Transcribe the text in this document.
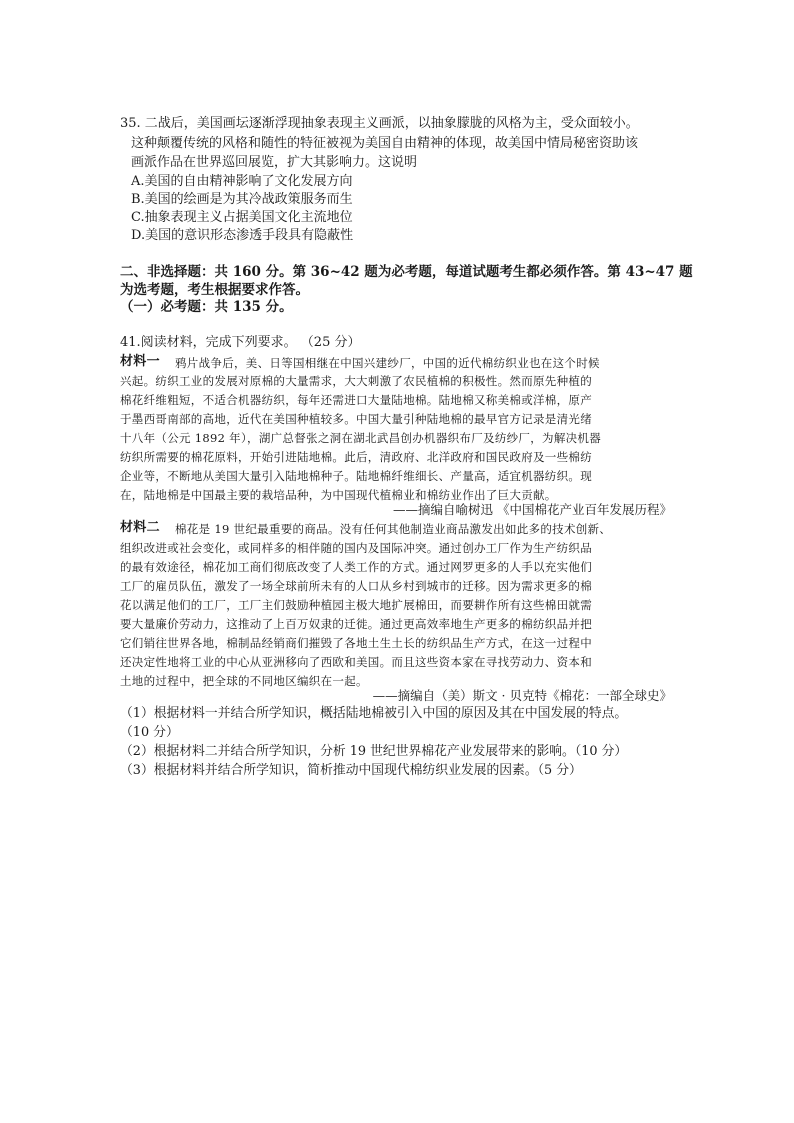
35. 二战后，美国画坛逐渐浮现抽象表现主义画派，以抽象朦胧的风格为主，受众面较小。
这种颠覆传统的风格和随性的特征被视为美国自由精神的体现，故美国中情局秘密资助该
画派作品在世界巡回展览，扩大其影响力。这说明
A.美国的自由精神影响了文化发展方向
B.美国的绘画是为其冷战政策服务而生
C.抽象表现主义占据美国文化主流地位
D.美国的意识形态渗透手段具有隐蔽性
二、非选择题：共 160 分。第 36~42 题为必考题，每道试题考生都必须作答。第 43~47 题
为选考题，考生根据要求作答。
（一）必考题：共 135 分。
41.阅读材料，完成下列要求。 （25 分）
材料一 鸦片战争后，美、日等国相继在中国兴建纱厂，中国的近代棉纺织业也在这个时候
兴起。纺织工业的发展对原棉的大量需求，大大刺激了农民植棉的积极性。然而原先种植的
棉花纤维粗短，不适合机器纺织，每年还需进口大量陆地棉。陆地棉又称美棉或洋棉，原产
于墨西哥南部的高地，近代在美国种植较多。中国大量引种陆地棉的最早官方记录是清光绪
十八年（公元 1892 年），湖广总督张之洞在湖北武昌创办机器织布厂及纺纱厂，为解决机器
纺织所需要的棉花原料，开始引进陆地棉。此后，清政府、北洋政府和国民政府及一些棉纺
企业等，不断地从美国大量引入陆地棉种子。陆地棉纤维细长、产量高，适宜机器纺织。现
在，陆地棉是中国最主要的栽培品种，为中国现代植棉业和棉纺业作出了巨大贡献。
——摘编自喻树迅 《中国棉花产业百年发展历程》
材料二 棉花是 19 世纪最重要的商品。没有任何其他制造业商品激发出如此多的技术创新、
组织改进或社会变化，或同样多的相伴随的国内及国际冲突。通过创办工厂作为生产纺织品
的最有效途径，棉花加工商们彻底改变了人类工作的方式。通过网罗更多的人手以充实他们
工厂的雇员队伍，激发了一场全球前所未有的人口从乡村到城市的迁移。因为需求更多的棉
花以满足他们的工厂，工厂主们鼓励种植园主极大地扩展棉田，而要耕作所有这些棉田就需
要大量廉价劳动力，这推动了上百万奴隶的迁徙。通过更高效率地生产更多的棉纺织品并把
它们销往世界各地，棉制品经销商们摧毁了各地土生土长的纺织品生产方式，在这一过程中
还决定性地将工业的中心从亚洲移向了西欧和美国。而且这些资本家在寻找劳动力、资本和
土地的过程中，把全球的不同地区编织在一起。
——摘编自（美）斯文 · 贝克特《棉花：一部全球史》
（1）根据材料一并结合所学知识，概括陆地棉被引入中国的原因及其在中国发展的特点。
（10 分）
（2）根据材料二并结合所学知识，分析 19 世纪世界棉花产业发展带来的影响。（10 分）
（3）根据材料并结合所学知识，简析推动中国现代棉纺织业发展的因素。（5 分）
